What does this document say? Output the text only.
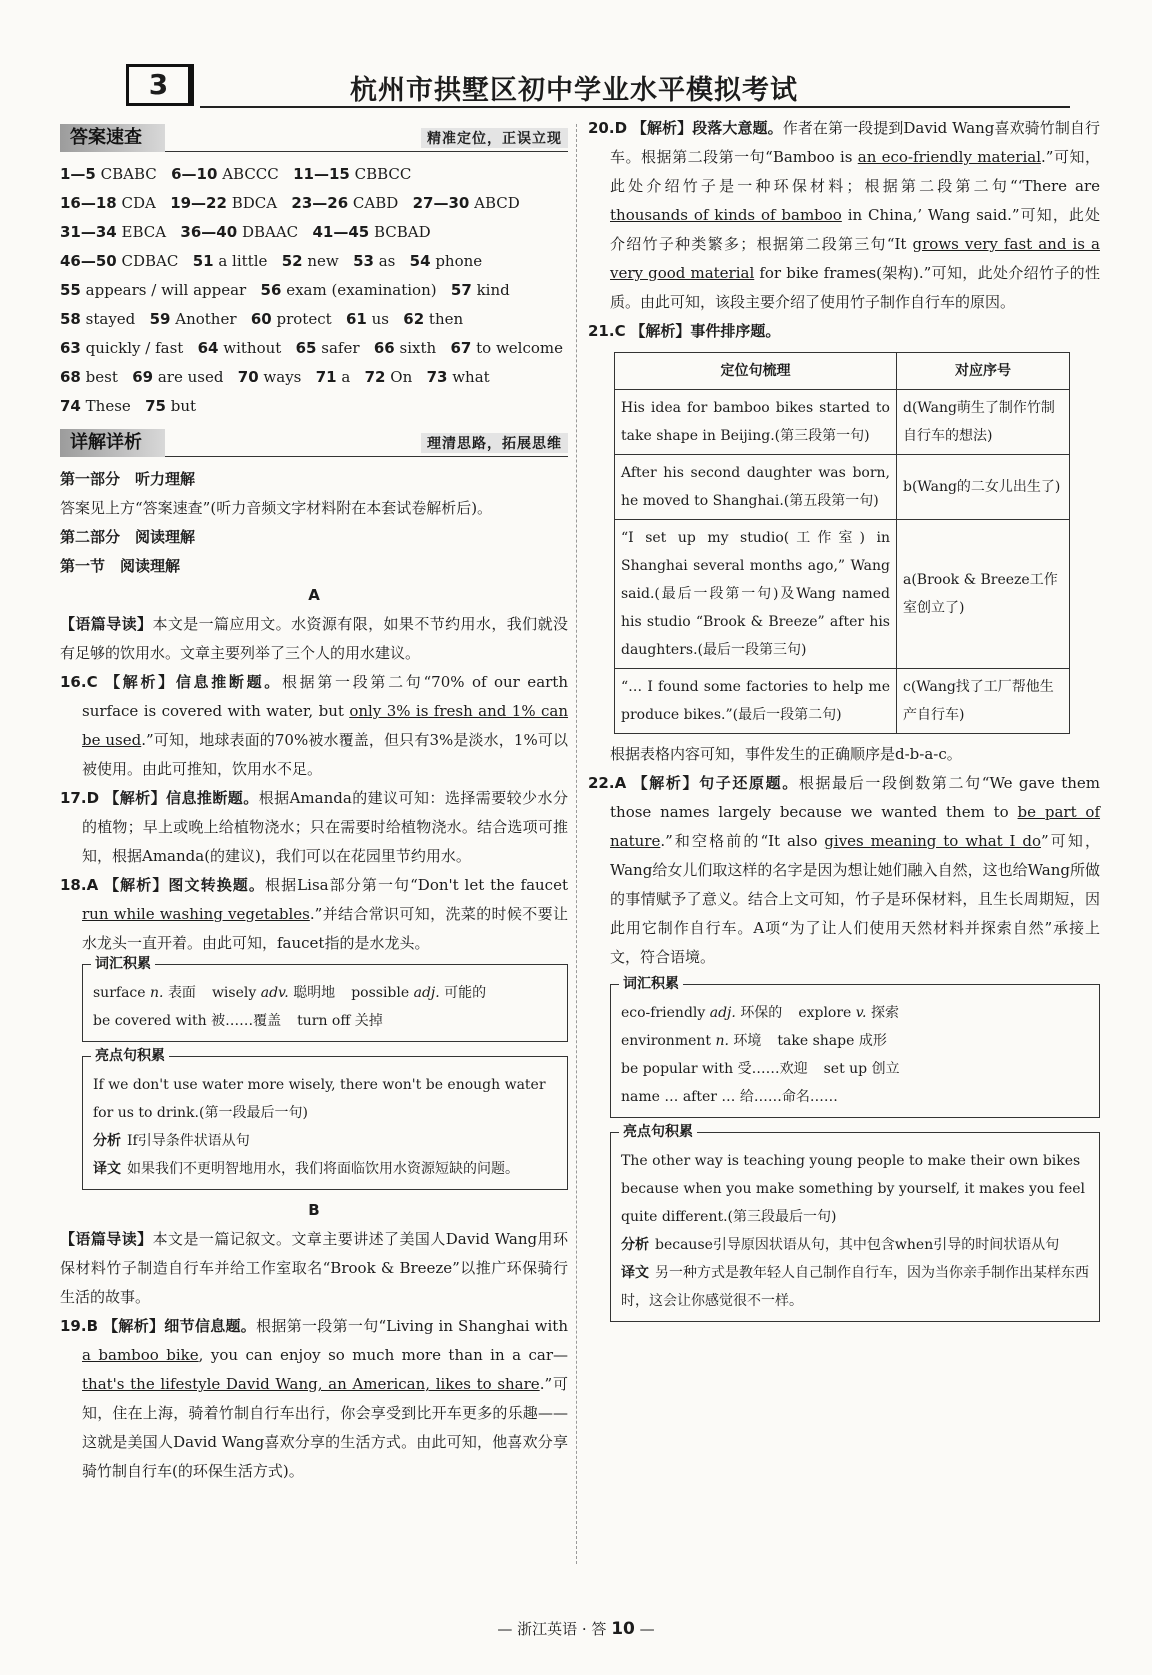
3	杭州市拱墅区初中学业水平模拟考试
答案速查	精准定位，正误立现
1—5 CBABC 6—10 ABCCC 11—15 CBBCC
16—18 CDA 19—22 BDCA 23—26 CABD 27—30 ABCD
31—34 EBCA 36—40 DBAAC 41—45 BCBAD
46—50 CDBAC 51 a little 52 new 53 as 54 phone
55 appears / will appear 56 exam (examination) 57 kind
58 stayed 59 Another 60 protect 61 us 62 then
63 quickly / fast 64 without 65 safer 66 sixth 67 to welcome
68 best 69 are used 70 ways 71 a 72 On 73 what
74 These 75 but
详解详析	理清思路，拓展思维
第一部分　听力理解
答案见上方“答案速查”(听力音频文字材料附在本套试卷解析后)。
第二部分　阅读理解
第一节　阅读理解
A
【语篇导读】本文是一篇应用文。水资源有限，如果不节约用水，我们就没有足够的饮用水。文章主要列举了三个人的用水建议。
16.C 【解析】信息推断题。根据第一段第二句“70% of our earth surface is covered with water, but only 3% is fresh and 1% can be used.”可知，地球表面的70%被水覆盖，但只有3%是淡水，1%可以被使用。由此可推知，饮用水不足。
17.D 【解析】信息推断题。根据Amanda的建议可知：选择需要较少水分的植物；早上或晚上给植物浇水；只在需要时给植物浇水。结合选项可推知，根据Amanda(的建议)，我们可以在花园里节约用水。
18.A 【解析】图文转换题。根据Lisa部分第一句“Don't let the faucet run while washing vegetables.”并结合常识可知，洗菜的时候不要让水龙头一直开着。由此可知，faucet指的是水龙头。
词汇积累
surface n. 表面 wisely adv. 聪明地 possible adj. 可能的
be covered with 被……覆盖 turn off 关掉
亮点句积累
If we don't use water more wisely, there won't be enough water for us to drink.(第一段最后一句)
分析 If引导条件状语从句
译文 如果我们不更明智地用水，我们将面临饮用水资源短缺的问题。
B
【语篇导读】本文是一篇记叙文。文章主要讲述了美国人David Wang用环保材料竹子制造自行车并给工作室取名“Brook & Breeze”以推广环保骑行生活的故事。
19.B 【解析】细节信息题。根据第一段第一句“Living in Shanghai with a bamboo bike, you can enjoy so much more than in a car—that's the lifestyle David Wang, an American, likes to share.”可知，住在上海，骑着竹制自行车出行，你会享受到比开车更多的乐趣——这就是美国人David Wang喜欢分享的生活方式。由此可知，他喜欢分享骑竹制自行车(的环保生活方式)。
20.D 【解析】段落大意题。作者在第一段提到David Wang喜欢骑竹制自行车。根据第二段第一句“Bamboo is an eco-friendly material.”可知，此处介绍竹子是一种环保材料；根据第二段第二句“‘There are thousands of kinds of bamboo in China,’ Wang said.”可知，此处介绍竹子种类繁多；根据第二段第三句“It grows very fast and is a very good material for bike frames(架构).”可知，此处介绍竹子的性质。由此可知，该段主要介绍了使用竹子制作自行车的原因。
21.C 【解析】事件排序题。
定位句梳理	对应序号
His idea for bamboo bikes started to take shape in Beijing.(第三段第一句)	d(Wang萌生了制作竹制自行车的想法)
After his second daughter was born, he moved to Shanghai.(第五段第一句)	b(Wang的二女儿出生了)
“I set up my studio(工作室) in Shanghai several months ago,” Wang said.(最后一段第一句)及Wang named his studio “Brook & Breeze” after his daughters.(最后一段第三句)	a(Brook & Breeze工作室创立了)
“… I found some factories to help me produce bikes.”(最后一段第二句)	c(Wang找了工厂帮他生产自行车)
根据表格内容可知，事件发生的正确顺序是d-b-a-c。
22.A 【解析】句子还原题。根据最后一段倒数第二句“We gave them those names largely because we wanted them to be part of nature.”和空格前的“It also gives meaning to what I do”可知，Wang给女儿们取这样的名字是因为想让她们融入自然，这也给Wang所做的事情赋予了意义。结合上文可知，竹子是环保材料，且生长周期短，因此用它制作自行车。A项“为了让人们使用天然材料并探索自然”承接上文，符合语境。
词汇积累
eco-friendly adj. 环保的 explore v. 探索
environment n. 环境 take shape 成形
be popular with 受……欢迎 set up 创立
name … after … 给……命名……
亮点句积累
The other way is teaching young people to make their own bikes because when you make something by yourself, it makes you feel quite different.(第三段最后一句)
分析 because引导原因状语从句，其中包含when引导的时间状语从句
译文 另一种方式是教年轻人自己制作自行车，因为当你亲手制作出某样东西时，这会让你感觉很不一样。
— 浙江英语 · 答 10 —
